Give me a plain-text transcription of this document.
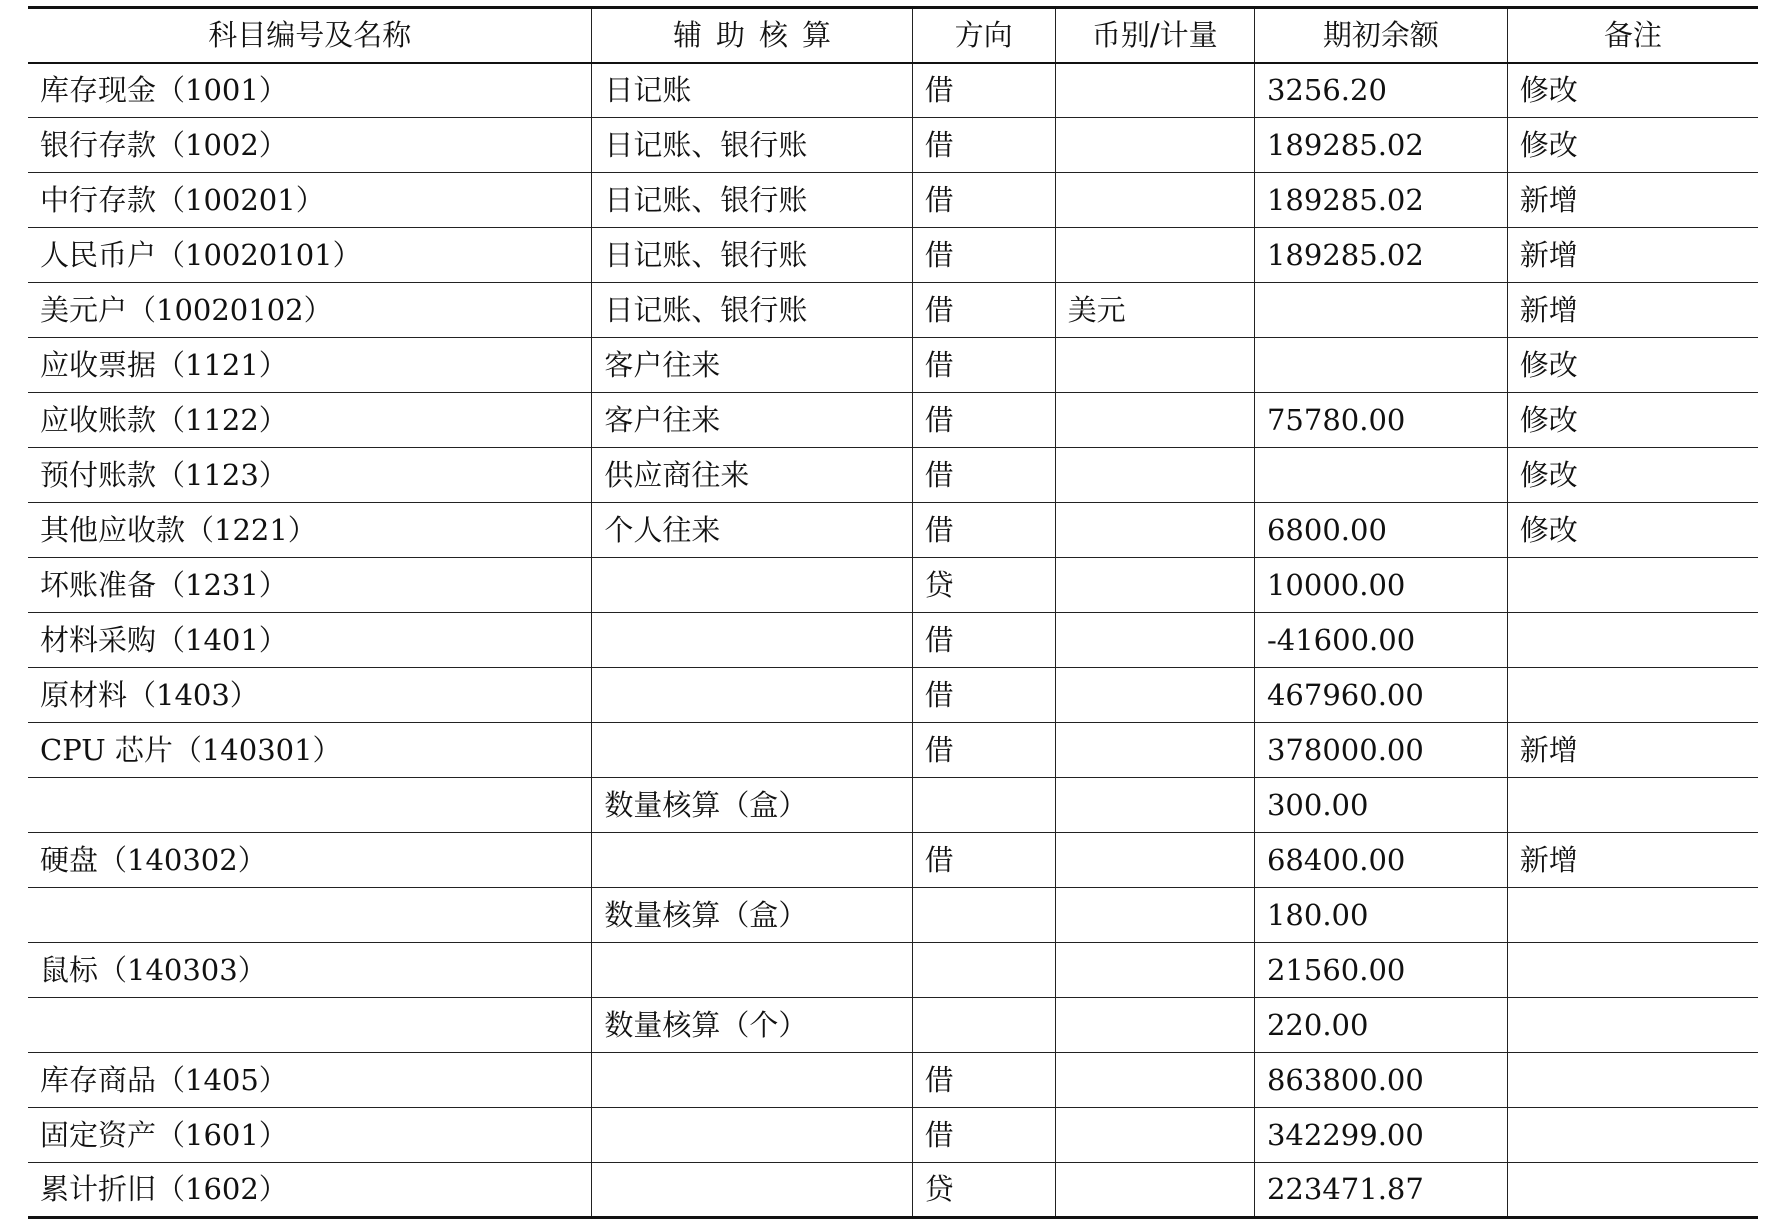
科目编号及名称	辅助核算	方向	币别/计量	期初余额	备注
库存现金（1001）	日记账	借		3256.20	修改
银行存款（1002）	日记账、银行账	借		189285.02	修改
中行存款（100201）	日记账、银行账	借		189285.02	新增
人民币户（10020101）	日记账、银行账	借		189285.02	新增
美元户（10020102）	日记账、银行账	借	美元		新增
应收票据（1121）	客户往来	借			修改
应收账款（1122）	客户往来	借		75780.00	修改
预付账款（1123）	供应商往来	借			修改
其他应收款（1221）	个人往来	借		6800.00	修改
坏账准备（1231）		贷		10000.00	
材料采购（1401）		借		-41600.00	
原材料（1403）		借		467960.00	
CPU 芯片（140301）		借		378000.00	新增
	数量核算（盒）			300.00	
硬盘（140302）		借		68400.00	新增
	数量核算（盒）			180.00	
鼠标（140303）				21560.00	
	数量核算（个）			220.00	
库存商品（1405）		借		863800.00	
固定资产（1601）		借		342299.00	
累计折旧（1602）		贷		223471.87	
